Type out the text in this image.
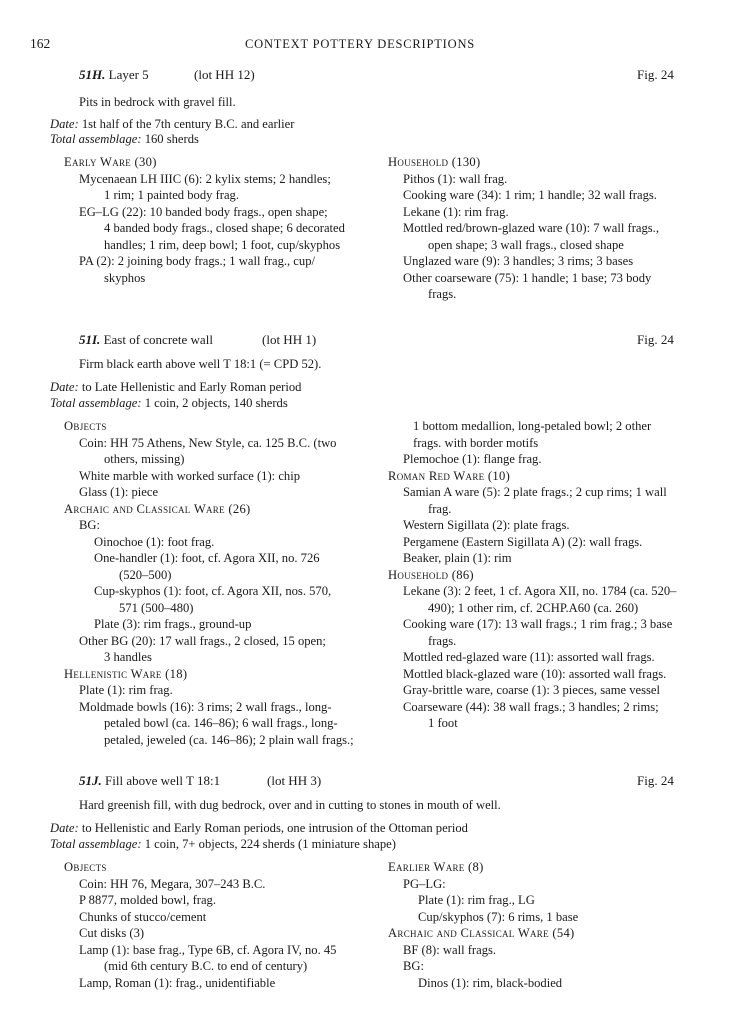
162	CONTEXT POTTERY DESCRIPTIONS
51H. Layer 5	(lot HH 12)	Fig. 24
Pits in bedrock with gravel fill.
Date: 1st half of the 7th century B.C. and earlier
Total assemblage: 160 sherds
Early Ware (30)
Mycenaean LH IIIC (6): 2 kylix stems; 2 handles;
1 rim; 1 painted body frag.
EG–LG (22): 10 banded body frags., open shape;
4 banded body frags., closed shape; 6 decorated
handles; 1 rim, deep bowl; 1 foot, cup/skyphos
PA (2): 2 joining body frags.; 1 wall frag., cup/
skyphos
Household (130)
Pithos (1): wall frag.
Cooking ware (34): 1 rim; 1 handle; 32 wall frags.
Lekane (1): rim frag.
Mottled red/brown-glazed ware (10): 7 wall frags.,
open shape; 3 wall frags., closed shape
Unglazed ware (9): 3 handles; 3 rims; 3 bases
Other coarseware (75): 1 handle; 1 base; 73 body
frags.
51I. East of concrete wall	(lot HH 1)	Fig. 24
Firm black earth above well T 18:1 (= CPD 52).
Date: to Late Hellenistic and Early Roman period
Total assemblage: 1 coin, 2 objects, 140 sherds
Objects
Coin: HH 75 Athens, New Style, ca. 125 B.C. (two
others, missing)
White marble with worked surface (1): chip
Glass (1): piece
Archaic and Classical Ware (26)
BG:
Oinochoe (1): foot frag.
One-handler (1): foot, cf. Agora XII, no. 726
(520–500)
Cup-skyphos (1): foot, cf. Agora XII, nos. 570,
571 (500–480)
Plate (3): rim frags., ground-up
Other BG (20): 17 wall frags., 2 closed, 15 open;
3 handles
Hellenistic Ware (18)
Plate (1): rim frag.
Moldmade bowls (16): 3 rims; 2 wall frags., long-
petaled bowl (ca. 146–86); 6 wall frags., long-
petaled, jeweled (ca. 146–86); 2 plain wall frags.;
1 bottom medallion, long-petaled bowl; 2 other
frags. with border motifs
Plemochoe (1): flange frag.
Roman Red Ware (10)
Samian A ware (5): 2 plate frags.; 2 cup rims; 1 wall
frag.
Western Sigillata (2): plate frags.
Pergamene (Eastern Sigillata A) (2): wall frags.
Beaker, plain (1): rim
Household (86)
Lekane (3): 2 feet, 1 cf. Agora XII, no. 1784 (ca. 520–
490); 1 other rim, cf. 2CHP.A60 (ca. 260)
Cooking ware (17): 13 wall frags.; 1 rim frag.; 3 base
frags.
Mottled red-glazed ware (11): assorted wall frags.
Mottled black-glazed ware (10): assorted wall frags.
Gray-brittle ware, coarse (1): 3 pieces, same vessel
Coarseware (44): 38 wall frags.; 3 handles; 2 rims;
1 foot
51J. Fill above well T 18:1	(lot HH 3)	Fig. 24
Hard greenish fill, with dug bedrock, over and in cutting to stones in mouth of well.
Date: to Hellenistic and Early Roman periods, one intrusion of the Ottoman period
Total assemblage: 1 coin, 7+ objects, 224 sherds (1 miniature shape)
Objects
Coin: HH 76, Megara, 307–243 B.C.
P 8877, molded bowl, frag.
Chunks of stucco/cement
Cut disks (3)
Lamp (1): base frag., Type 6B, cf. Agora IV, no. 45
(mid 6th century B.C. to end of century)
Lamp, Roman (1): frag., unidentifiable
Earlier Ware (8)
PG–LG:
Plate (1): rim frag., LG
Cup/skyphos (7): 6 rims, 1 base
Archaic and Classical Ware (54)
BF (8): wall frags.
BG:
Dinos (1): rim, black-bodied
